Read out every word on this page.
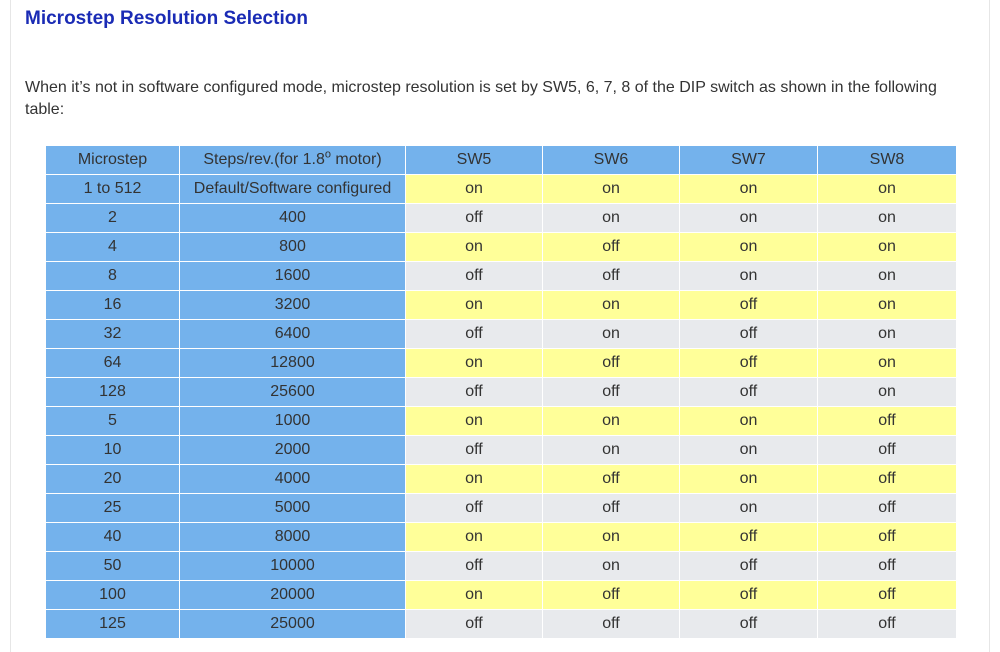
Microstep Resolution Selection

When it’s not in software configured mode, microstep resolution is set by SW5, 6, 7, 8 of the DIP switch as shown in the following table:

Microstep	Steps/rev.(for 1.8$^o$ motor)	SW5	SW6	SW7	SW8
1 to 512	Default/Software configured	on	on	on	on
2	400	off	on	on	on
4	800	on	off	on	on
8	1600	off	off	on	on
16	3200	on	on	off	on
32	6400	off	on	off	on
64	12800	on	off	off	on
128	25600	off	off	off	on
5	1000	on	on	on	off
10	2000	off	on	on	off
20	4000	on	off	on	off
25	5000	off	off	on	off
40	8000	on	on	off	off
50	10000	off	on	off	off
100	20000	on	off	off	off
125	25000	off	off	off	off
